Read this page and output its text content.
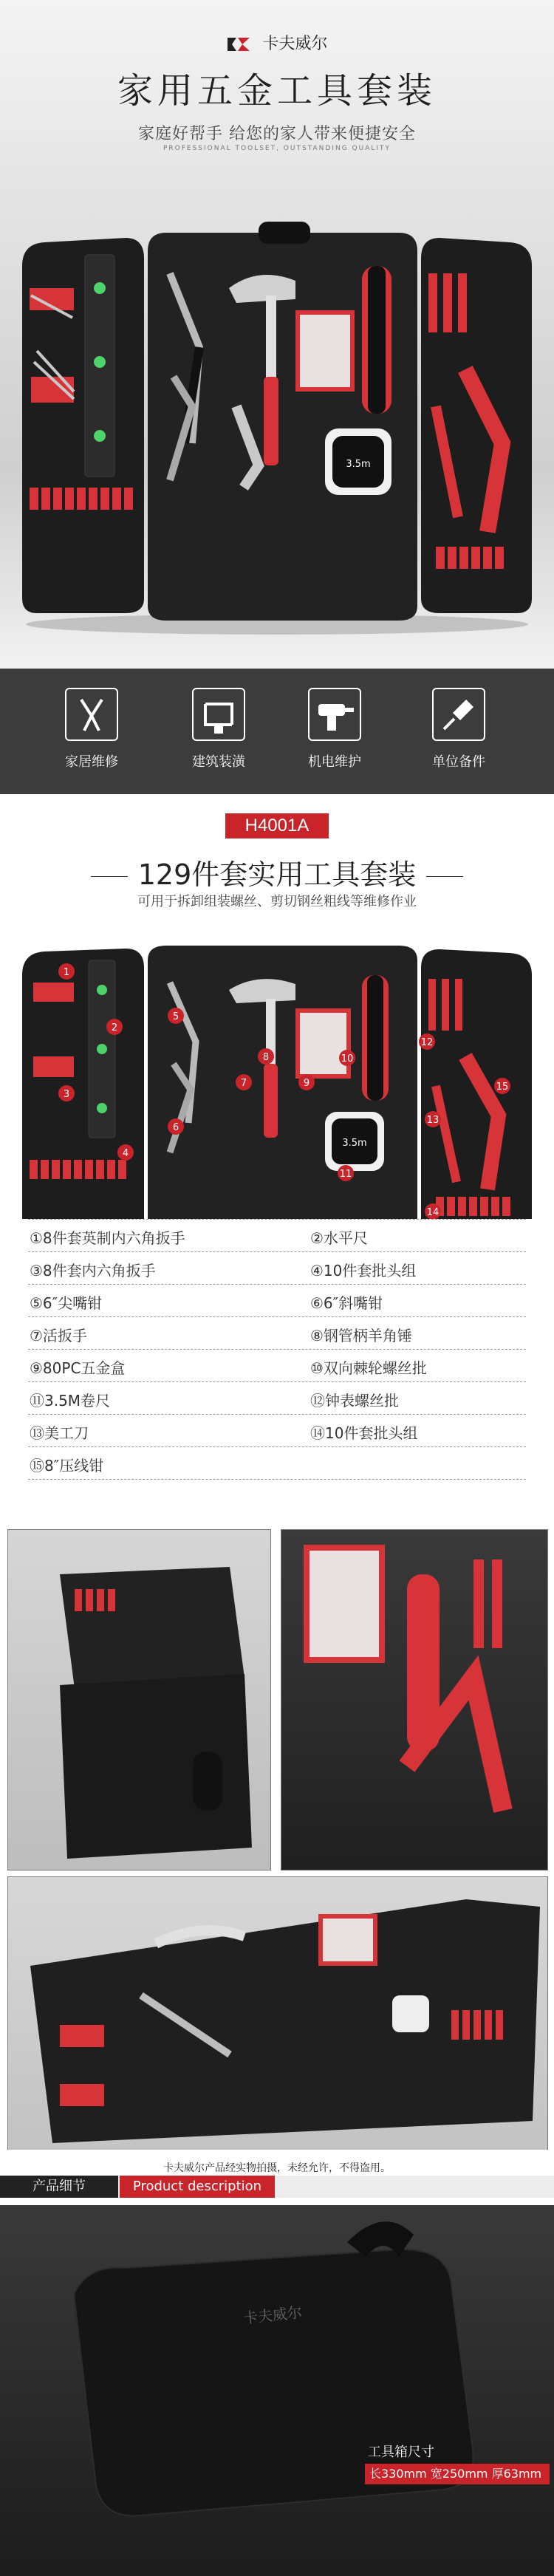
卡夫威尔
家用五金工具套装
家庭好帮手 给您的家人带来便捷安全
PROFESSIONAL TOOLSET, OUTSTANDING QUALITY
3.5m
家居维修	建筑装潢	机电维护	单位备件
H4001A
129件套实用工具套装
可用于拆卸组装螺丝、剪切钢丝粗线等维修作业
3.5m
1
2
3
4
5
6
7
8
9
10
11
12
13
14
15
①8件套英制内六角扳手	②水平尺
③8件套内六角扳手	④10件套批头组
⑤6″尖嘴钳	⑥6″斜嘴钳
⑦活扳手	⑧钢管柄羊角锤
⑨80PC五金盒	⑩双向棘轮螺丝批
⑪3.5M卷尺	⑫钟表螺丝批
⑬美工刀	⑭10件套批头组
⑮8″压线钳
卡夫威尔产品经实物拍摄，未经允许，不得盗用。
产品细节	Product description
卡夫威尔
工具箱尺寸
长330mm 宽250mm 厚63mm
